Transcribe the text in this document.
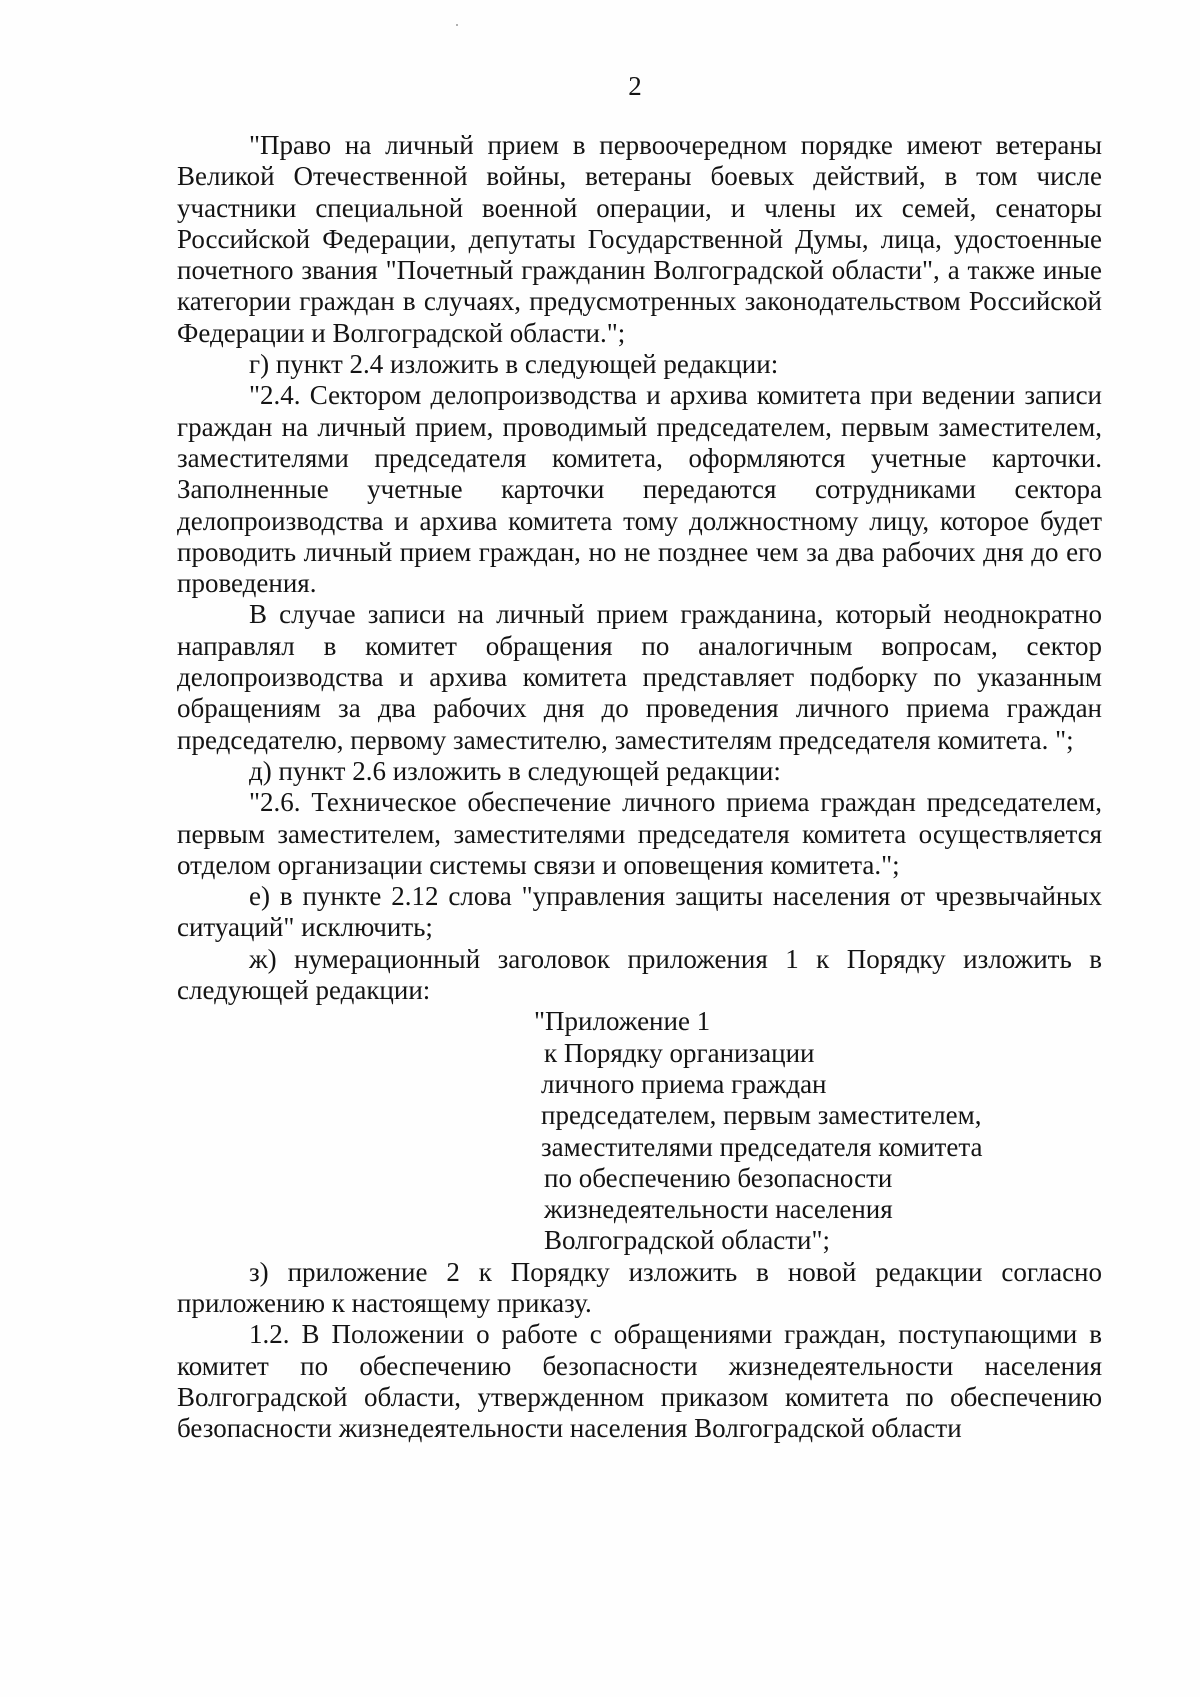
2

"Право на личный прием в первоочередном порядке имеют ветераны Великой Отечественной войны, ветераны боевых действий, в том числе участники специальной военной операции, и члены их семей, сенаторы Российской Федерации, депутаты Государственной Думы, лица, удостоенные почетного звания "Почетный гражданин Волгоградской области", а также иные категории граждан в случаях, предусмотренных законодательством Российской Федерации и Волгоградской области.";

г) пункт 2.4 изложить в следующей редакции:

"2.4. Сектором делопроизводства и архива комитета при ведении записи граждан на личный прием, проводимый председателем, первым заместителем, заместителями председателя комитета, оформляются учетные карточки. Заполненные учетные карточки передаются сотрудниками сектора делопроизводства и архива комитета тому должностному лицу, которое будет проводить личный прием граждан, но не позднее чем за два рабочих дня до его проведения.

В случае записи на личный прием гражданина, который неоднократно направлял в комитет обращения по аналогичным вопросам, сектор делопроизводства и архива комитета представляет подборку по указанным обращениям за два рабочих дня до проведения личного приема граждан председателю, первому заместителю, заместителям председателя комитета. ";

д) пункт 2.6 изложить в следующей редакции:

"2.6. Техническое обеспечение личного приема граждан председателем, первым заместителем, заместителями председателя комитета осуществляется отделом организации системы связи и оповещения комитета.";

е) в пункте 2.12 слова "управления защиты населения от чрезвычайных ситуаций" исключить;

ж) нумерационный заголовок приложения 1 к Порядку изложить в следующей редакции:

"Приложение 1
к Порядку организации
личного приема граждан
председателем, первым заместителем,
заместителями председателя комитета
по обеспечению безопасности
жизнедеятельности населения
Волгоградской области";

з) приложение 2 к Порядку изложить в новой редакции согласно приложению к настоящему приказу.

1.2. В Положении о работе с обращениями граждан, поступающими в комитет по обеспечению безопасности жизнедеятельности населения Волгоградской области, утвержденном приказом комитета по обеспечению безопасности жизнедеятельности населения Волгоградской области
